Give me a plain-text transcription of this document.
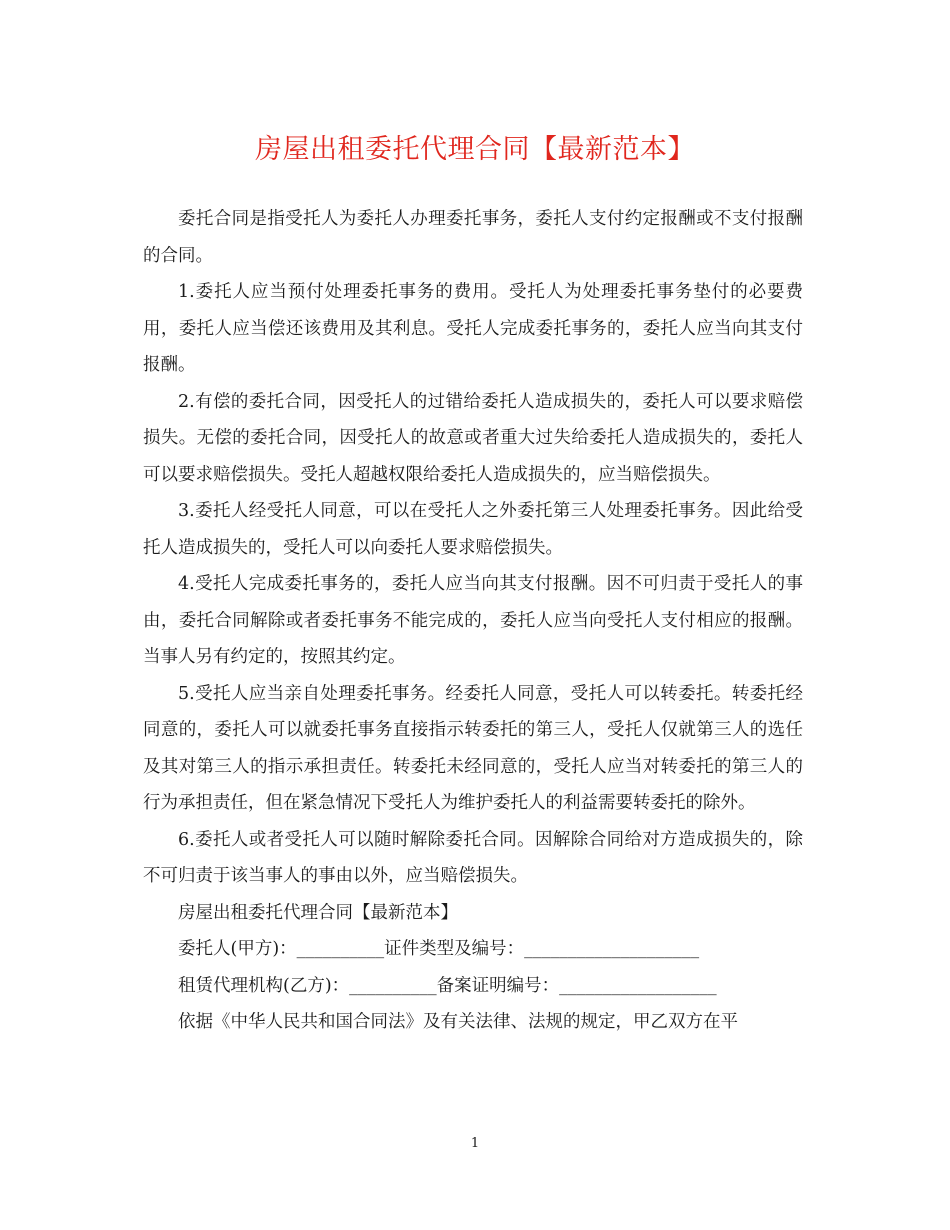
房屋出租委托代理合同【最新范本】

委托合同是指受托人为委托人办理委托事务，委托人支付约定报酬或不支付报酬的合同。

1.委托人应当预付处理委托事务的费用。受托人为处理委托事务垫付的必要费用，委托人应当偿还该费用及其利息。受托人完成委托事务的，委托人应当向其支付报酬。

2.有偿的委托合同，因受托人的过错给委托人造成损失的，委托人可以要求赔偿损失。无偿的委托合同，因受托人的故意或者重大过失给委托人造成损失的，委托人可以要求赔偿损失。受托人超越权限给委托人造成损失的，应当赔偿损失。

3.委托人经受托人同意，可以在受托人之外委托第三人处理委托事务。因此给受托人造成损失的，受托人可以向委托人要求赔偿损失。

4.受托人完成委托事务的，委托人应当向其支付报酬。因不可归责于受托人的事由，委托合同解除或者委托事务不能完成的，委托人应当向受托人支付相应的报酬。当事人另有约定的，按照其约定。

5.受托人应当亲自处理委托事务。经委托人同意，受托人可以转委托。转委托经同意的，委托人可以就委托事务直接指示转委托的第三人，受托人仅就第三人的选任及其对第三人的指示承担责任。转委托未经同意的，受托人应当对转委托的第三人的行为承担责任，但在紧急情况下受托人为维护委托人的利益需要转委托的除外。

6.委托人或者受托人可以随时解除委托合同。因解除合同给对方造成损失的，除不可归责于该当事人的事由以外，应当赔偿损失。

房屋出租委托代理合同【最新范本】

委托人(甲方)：__________证件类型及编号：____________________

租赁代理机构(乙方)：__________备案证明编号：__________________

依据《中华人民共和国合同法》及有关法律、法规的规定，甲乙双方在平

1
